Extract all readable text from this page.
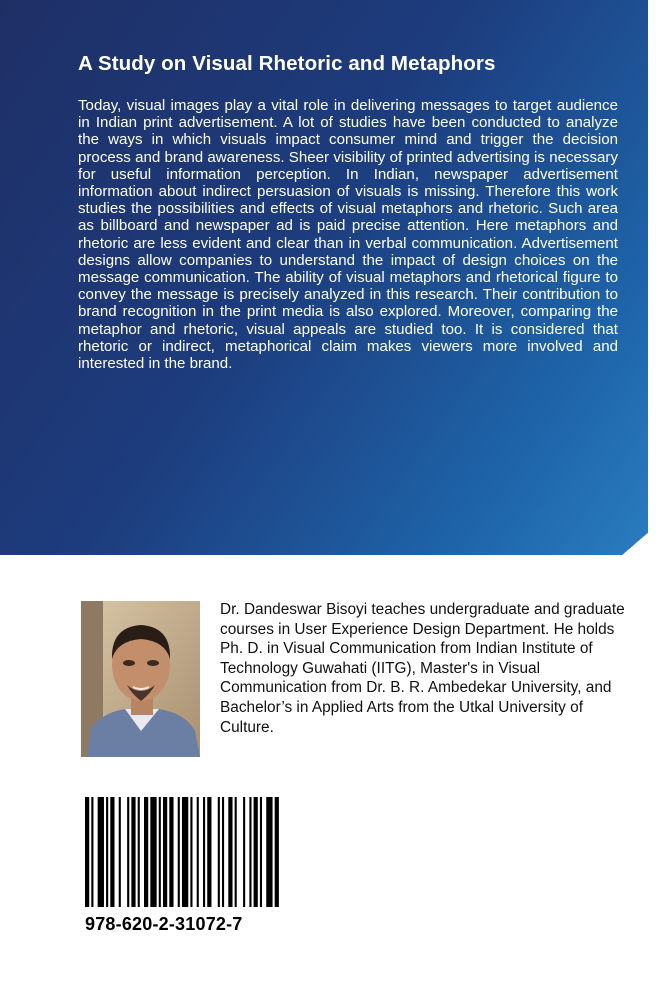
A Study on Visual Rhetoric and Metaphors

Today, visual images play a vital role in delivering messages to target audience in Indian print advertisement. A lot of studies have been conducted to analyze the ways in which visuals impact consumer mind and trigger the decision process and brand awareness. Sheer visibility of printed advertising is necessary for useful information perception. In Indian, newspaper advertisement information about indirect persuasion of visuals is missing. Therefore this work studies the possibilities and effects of visual metaphors and rhetoric. Such area as billboard and newspaper ad is paid precise attention. Here metaphors and rhetoric are less evident and clear than in verbal communication. Advertisement designs allow companies to understand the impact of design choices on the message communication. The ability of visual metaphors and rhetorical figure to convey the message is precisely analyzed in this research. Their contribution to brand recognition in the print media is also explored. Moreover, comparing the metaphor and rhetoric, visual appeals are studied too. It is considered that rhetoric or indirect, metaphorical claim makes viewers more involved and interested in the brand.

Dr. Dandeswar Bisoyi teaches undergraduate and graduate courses in User Experience Design Department. He holds Ph. D. in Visual Communication from Indian Institute of Technology Guwahati (IITG), Master's in Visual Communication from Dr. B. R. Ambedekar University, and Bachelor’s in Applied Arts from the Utkal University of Culture.

978-620-2-31072-7
